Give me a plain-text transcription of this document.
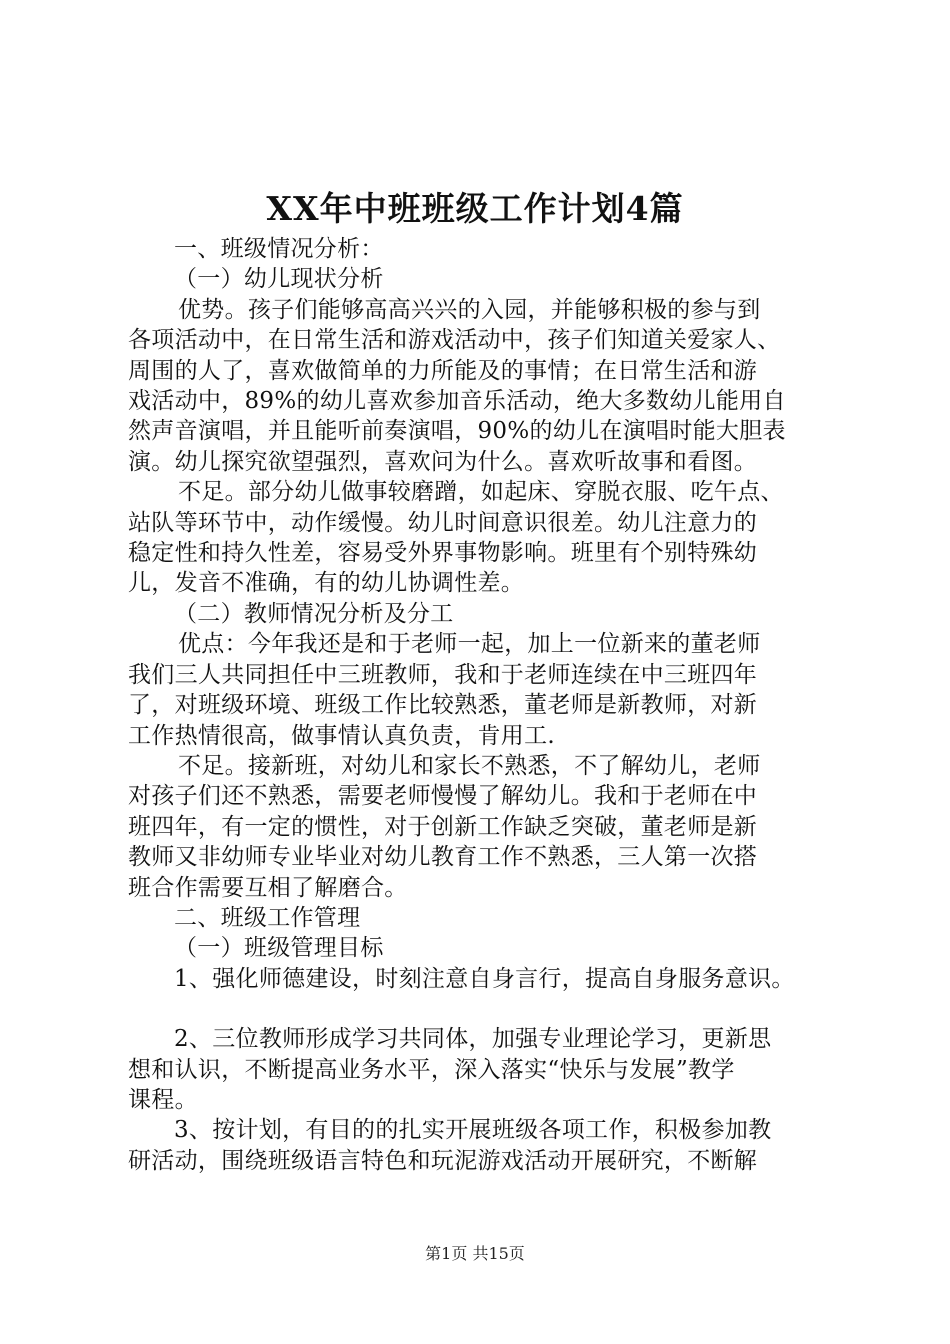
XX年中班班级工作计划4篇

一、班级情况分析：

（一）幼儿现状分析

优势。孩子们能够高高兴兴的入园，并能够积极的参与到

各项活动中，在日常生活和游戏活动中，孩子们知道关爱家人、

周围的人了，喜欢做简单的力所能及的事情；在日常生活和游

戏活动中，89%的幼儿喜欢参加音乐活动，绝大多数幼儿能用自

然声音演唱，并且能听前奏演唱，90%的幼儿在演唱时能大胆表

演。幼儿探究欲望强烈，喜欢问为什么。喜欢听故事和看图。

不足。部分幼儿做事较磨蹭，如起床、穿脱衣服、吃午点、

站队等环节中，动作缓慢。幼儿时间意识很差。幼儿注意力的

稳定性和持久性差，容易受外界事物影响。班里有个别特殊幼

儿，发音不准确，有的幼儿协调性差。

（二）教师情况分析及分工

优点：今年我还是和于老师一起，加上一位新来的董老师

我们三人共同担任中三班教师，我和于老师连续在中三班四年

了，对班级环境、班级工作比较熟悉，董老师是新教师，对新

工作热情很高，做事情认真负责，肯用工.

不足。接新班，对幼儿和家长不熟悉，不了解幼儿，老师

对孩子们还不熟悉，需要老师慢慢了解幼儿。我和于老师在中

班四年，有一定的惯性，对于创新工作缺乏突破，董老师是新

教师又非幼师专业毕业对幼儿教育工作不熟悉，三人第一次搭

班合作需要互相了解磨合。

二、班级工作管理

（一）班级管理目标

1、强化师德建设，时刻注意自身言行，提高自身服务意识。

2、三位教师形成学习共同体，加强专业理论学习，更新思

想和认识，不断提高业务水平，深入落实“快乐与发展”教学

课程。

3、按计划，有目的的扎实开展班级各项工作，积极参加教

研活动，围绕班级语言特色和玩泥游戏活动开展研究，不断解

第1页 共15页
